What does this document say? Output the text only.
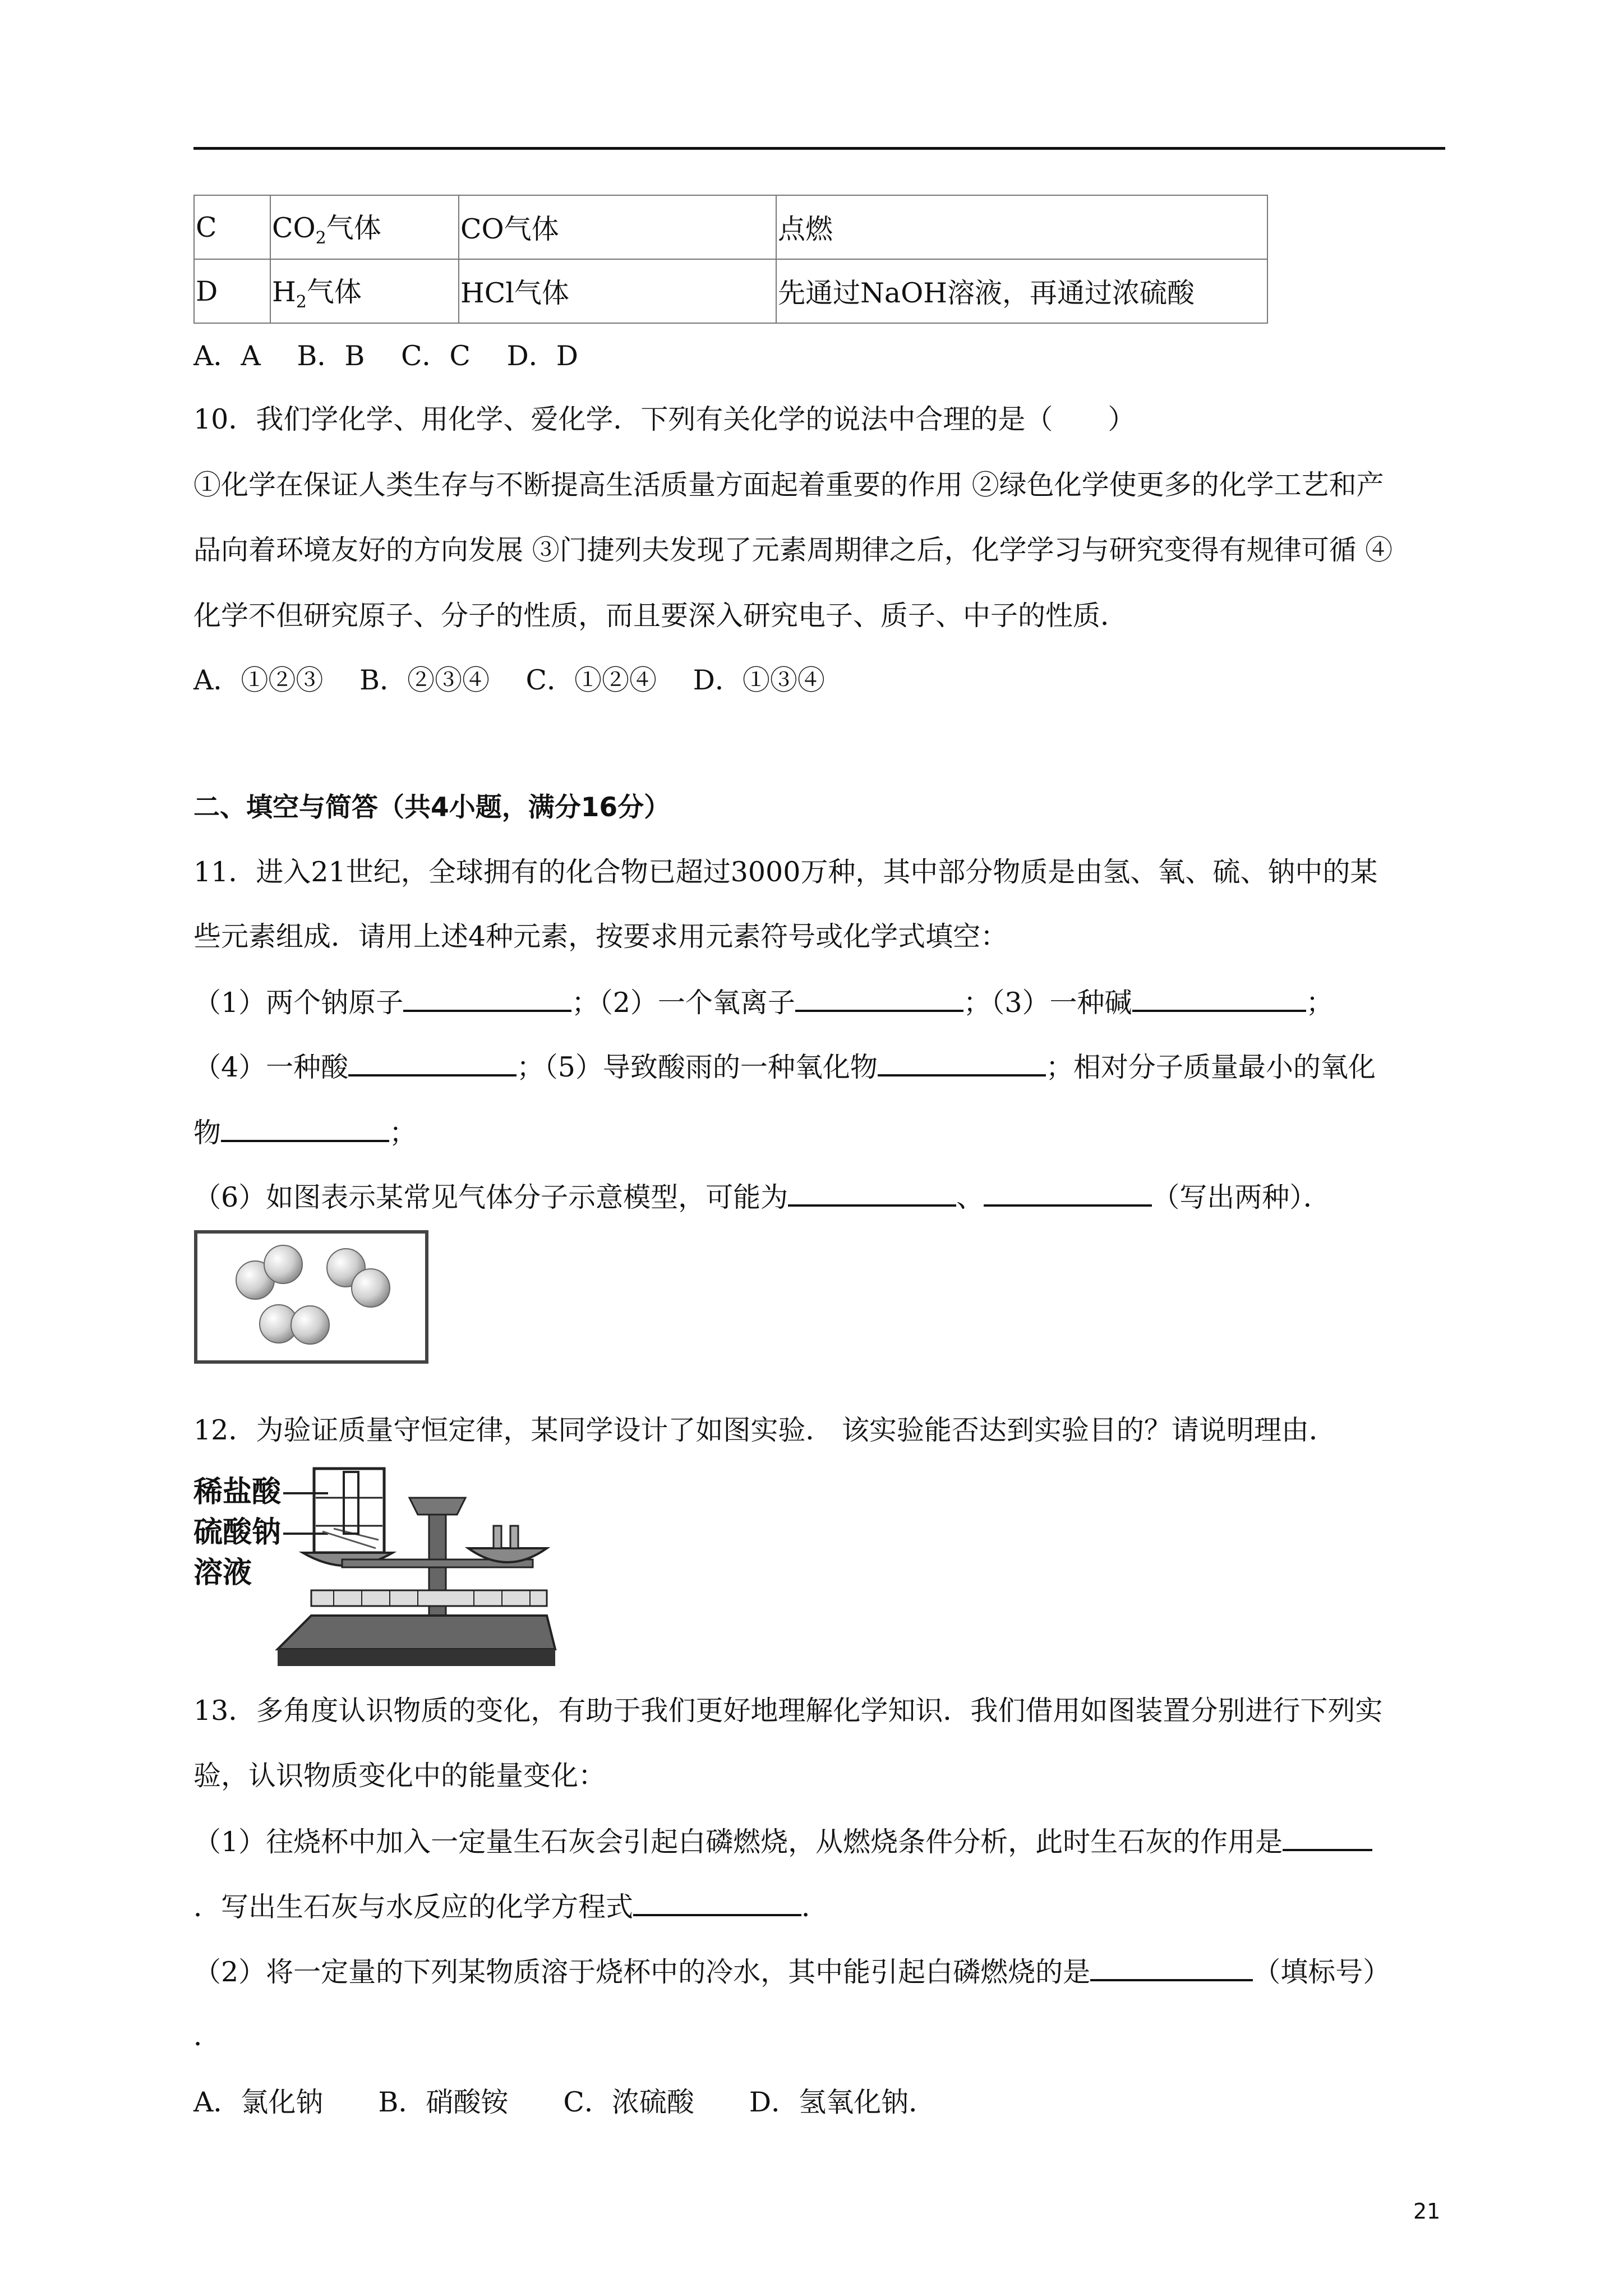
C	$CO_2$气体	CO气体	点燃
D	$H_2$气体	HCl气体	先通过NaOH溶液，再通过浓硫酸
A．A　 B．B　 C．C　 D．D
10．我们学化学、用化学、爱化学．下列有关化学的说法中合理的是（　　）
①化学在保证人类生存与不断提高生活质量方面起着重要的作用 ②绿色化学使更多的化学工艺和产
品向着环境友好的方向发展 ③门捷列夫发现了元素周期律之后，化学学习与研究变得有规律可循 ④
化学不但研究原子、分子的性质，而且要深入研究电子、质子、中子的性质．
A．①②③　 B．②③④　 C．①②④　 D．①③④
二、填空与简答（共4小题，满分16分）
11．进入21世纪，全球拥有的化合物已超过3000万种，其中部分物质是由氢、氧、硫、钠中的某
些元素组成．请用上述4种元素，按要求用元素符号或化学式填空：
（1）两个钠原子	；（2）一个氧离子	；（3）一种碱	；
（4）一种酸	；（5）导致酸雨的一种氧化物	；相对分子质量最小的氧化
物	；
（6）如图表示某常见气体分子示意模型，可能为	、	（写出两种）．
12．为验证质量守恒定律，某同学设计了如图实验． 该实验能否达到实验目的？请说明理由．
稀盐酸
硫酸钠
溶液
13．多角度认识物质的变化，有助于我们更好地理解化学知识．我们借用如图装置分别进行下列实
验，认识物质变化中的能量变化：
（1）往烧杯中加入一定量生石灰会引起白磷燃烧，从燃烧条件分析，此时生石灰的作用是
．写出生石灰与水反应的化学方程式	．
（2）将一定量的下列某物质溶于烧杯中的冷水，其中能引起白磷燃烧的是	（填标号）
．
A．氯化钠　　B．硝酸铵　　C．浓硫酸　　D．氢氧化钠．
21
